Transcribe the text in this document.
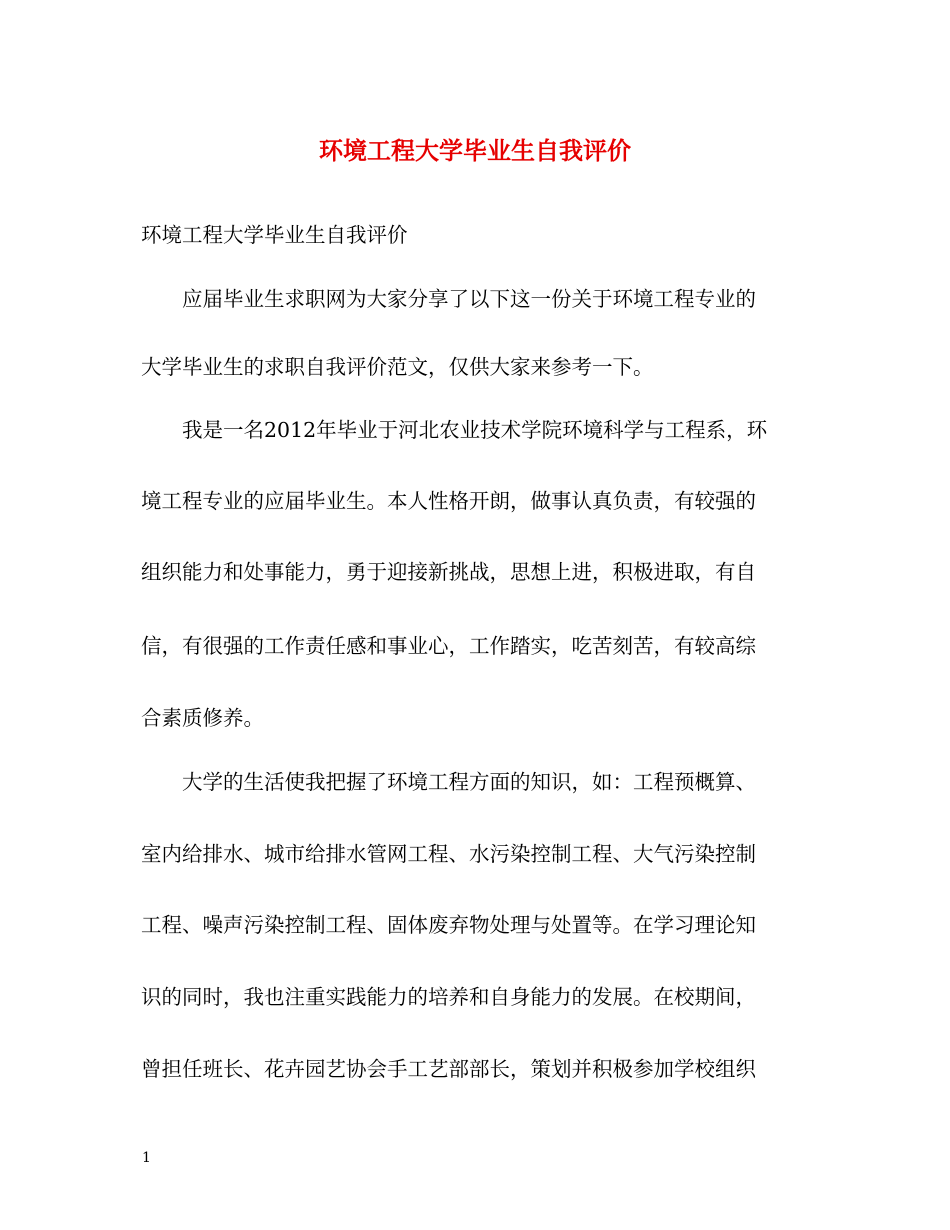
环境工程大学毕业生自我评价

环境工程大学毕业生自我评价

应届毕业生求职网为大家分享了以下这一份关于环境工程专业的

大学毕业生的求职自我评价范文，仅供大家来参考一下。

我是一名2012年毕业于河北农业技术学院环境科学与工程系，环

境工程专业的应届毕业生。本人性格开朗，做事认真负责，有较强的

组织能力和处事能力，勇于迎接新挑战，思想上进，积极进取，有自

信，有很强的工作责任感和事业心，工作踏实，吃苦刻苦，有较高综

合素质修养。

大学的生活使我把握了环境工程方面的知识，如：工程预概算、

室内给排水、城市给排水管网工程、水污染控制工程、大气污染控制

工程、噪声污染控制工程、固体废弃物处理与处置等。在学习理论知

识的同时，我也注重实践能力的培养和自身能力的发展。在校期间，

曾担任班长、花卉园艺协会手工艺部部长，策划并积极参加学校组织

1
